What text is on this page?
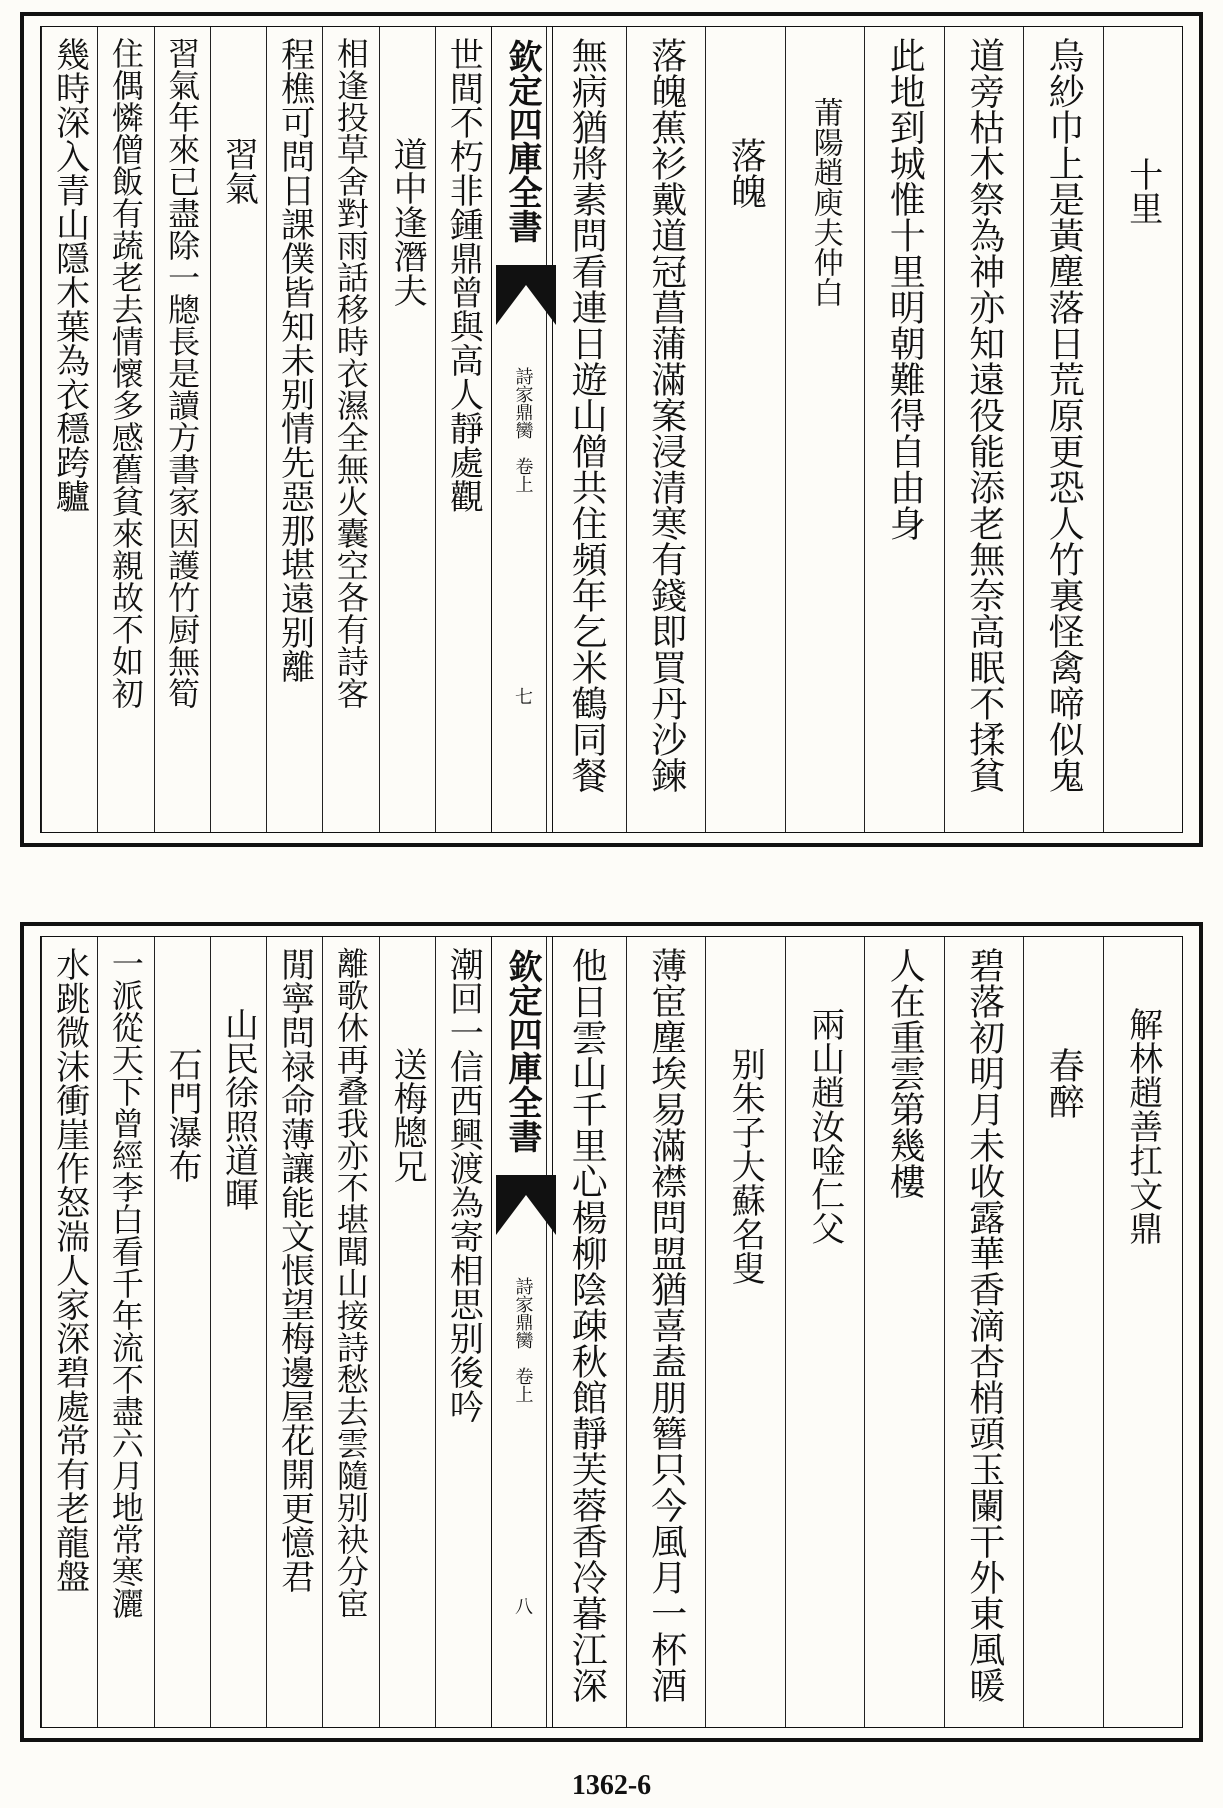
十里
烏紗巾上是黃塵落日荒原更恐人竹裏怪禽啼似鬼
道旁枯木祭為神亦知遠役能添老無奈高眠不揉貧
此地到城惟十里明朝難得自由身
莆陽趙庾夫仲白
落魄
落魄蕉衫戴道冠菖蒲滿案浸清寒有錢即買丹沙鍊
無病猶將素問看連日遊山僧共住頻年乞米鶴同餐
欽定四庫全書
詩家鼎臠　卷上
七
世間不朽非鍾鼎曾與高人靜處觀
道中逢潛夫
相逢投草舍對雨話移時衣濕全無火囊空各有詩客
程樵可問日課僕皆知未别情先惡那堪遠别離
習氣
習氣年來已盡除一牕長是讀方書家因護竹厨無筍
住偶憐僧飯有蔬老去情懷多感舊貧來親故不如初
幾時深入青山隱木葉為衣穩跨驢
解林趙善扛文鼎
春醉
碧落初明月未收露華香滴杏梢頭玉闌干外東風暖
人在重雲第幾樓
兩山趙汝唫仁父
别朱子大蘇名叟
薄宦塵埃易滿襟問盟猶喜盍朋簪只今風月一杯酒
他日雲山千里心楊柳陰疎秋館靜芙蓉香冷暮江深
欽定四庫全書
詩家鼎臠　卷上
八
潮回一信西興渡為寄相思别後吟
送梅牕兄
離歌休再叠我亦不堪聞山接詩愁去雲隨别袂分宦
閒寧問禄命薄讓能文悵望梅邊屋花開更憶君
山民徐照道暉
石門瀑布
一派從天下曾經李白看千年流不盡六月地常寒灑
水跳微沫衝崖作怒湍人家深碧處常有老龍盤
1362-6
